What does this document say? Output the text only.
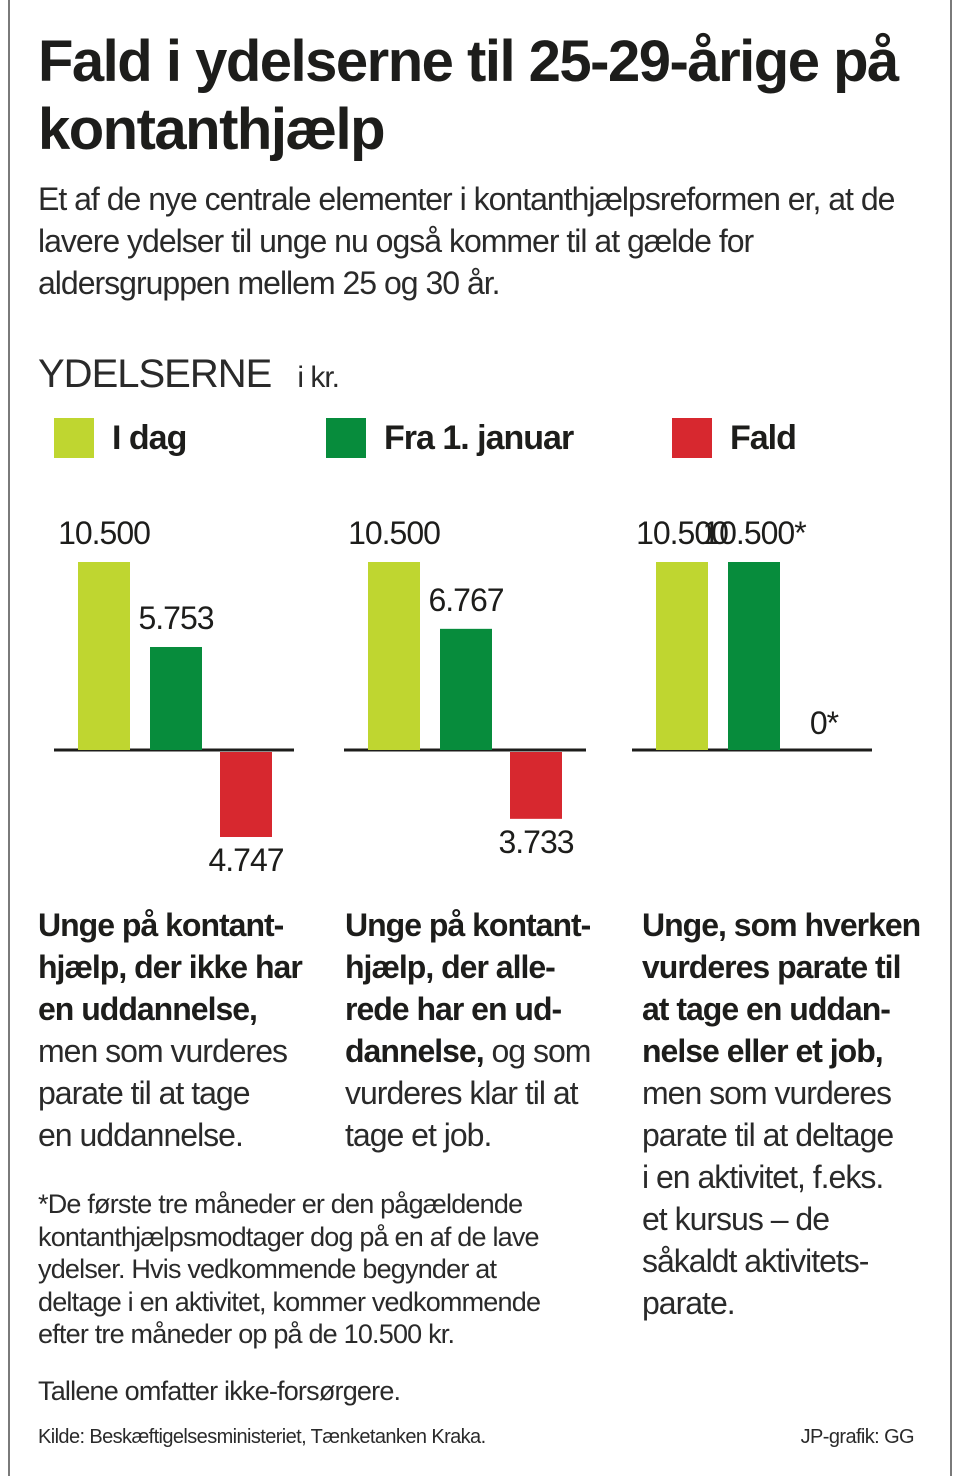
Fald i ydelserne til 25-29-årige på kontanthjælp
Et af de nye centrale elementer i kontanthjælpsreformen er, at de lavere ydelser til unge nu også kommer til at gælde for aldersgruppen mellem 25 og 30 år.
YDELSERNE i kr.
I dag	Fra 1. januar	Fald
10.500
5.753
4.747
10.500
6.767
3.733
10.500
10.500*
0*
Unge på kontant-
hjælp, der ikke har
en uddannelse,
men som vurderes
parate til at tage
en uddannelse.
Unge på kontant-
hjælp, der alle-
rede har en ud-
dannelse, og som
vurderes klar til at
tage et job.
Unge, som hverken
vurderes parate til
at tage en uddan-
nelse eller et job,
men som vurderes
parate til at deltage
i en aktivitet, f.eks.
et kursus – de
såkaldt aktivitets-
parate.
*De første tre måneder er den pågældende kontanthjælpsmodtager dog på en af de lave ydelser. Hvis vedkommende begynder at deltage i en aktivitet, kommer vedkommende efter tre måneder op på de 10.500 kr.
Tallene omfatter ikke-forsørgere.
Kilde: Beskæftigelsesministeriet, Tænketanken Kraka.	JP-grafik: GG
